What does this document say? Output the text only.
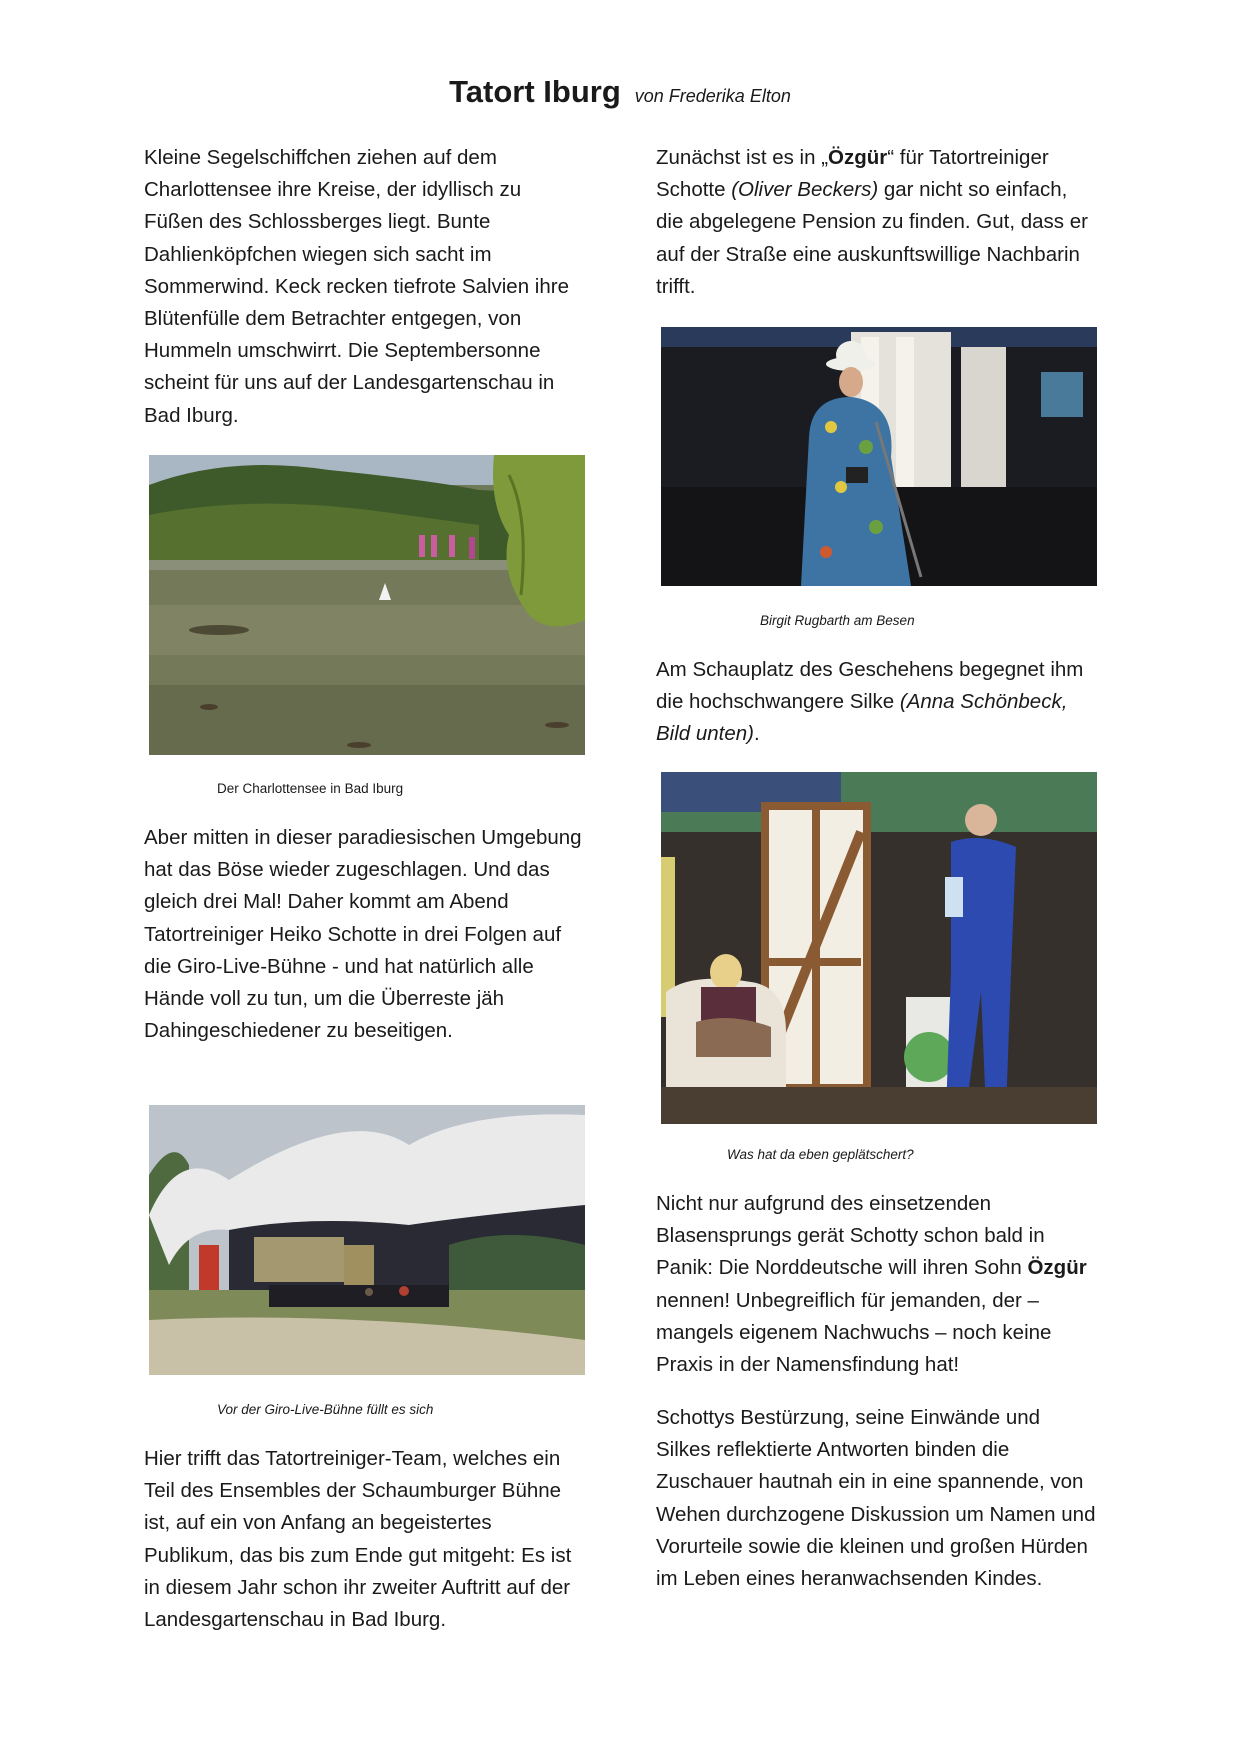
Tatort Iburg von Frederika Elton

Kleine Segelschiffchen ziehen auf dem Charlottensee ihre Kreise, der idyllisch zu Füßen des Schlossberges liegt. Bunte Dahlienköpfchen wiegen sich sacht im Sommerwind. Keck recken tiefrote Salvien ihre Blütenfülle dem Betrachter entgegen, von Hummeln umschwirrt. Die Septembersonne scheint für uns auf der Landesgartenschau in Bad Iburg.

Der Charlottensee in Bad Iburg

Aber mitten in dieser paradiesischen Umgebung hat das Böse wieder zugeschlagen. Und das gleich drei Mal! Daher kommt am Abend Tatortreiniger Heiko Schotte in drei Folgen auf die Giro-Live-Bühne - und hat natürlich alle Hände voll zu tun, um die Überreste jäh Dahingeschiedener zu beseitigen.

Vor der Giro-Live-Bühne füllt es sich

Hier trifft das Tatortreiniger-Team, welches ein Teil des Ensembles der Schaumburger Bühne ist, auf ein von Anfang an begeistertes Publikum, das bis zum Ende gut mitgeht: Es ist in diesem Jahr schon ihr zweiter Auftritt auf der Landesgartenschau in Bad Iburg.

Zunächst ist es in „Özgür“ für Tatortreiniger Schotte (Oliver Beckers) gar nicht so einfach, die abgelegene Pension zu finden. Gut, dass er auf der Straße eine auskunftswillige Nachbarin trifft.

Birgit Rugbarth am Besen

Am Schauplatz des Geschehens begegnet ihm die hochschwangere Silke (Anna Schönbeck, Bild unten).

Was hat da eben geplätschert?

Nicht nur aufgrund des einsetzenden Blasensprungs gerät Schotty schon bald in Panik: Die Norddeutsche will ihren Sohn Özgür nennen! Unbegreiflich für jemanden, der – mangels eigenem Nachwuchs – noch keine Praxis in der Namensfindung hat!

Schottys Bestürzung, seine Einwände und Silkes reflektierte Antworten binden die Zuschauer hautnah ein in eine spannende, von Wehen durchzogene Diskussion um Namen und Vorurteile sowie die kleinen und großen Hürden im Leben eines heranwachsenden Kindes.
